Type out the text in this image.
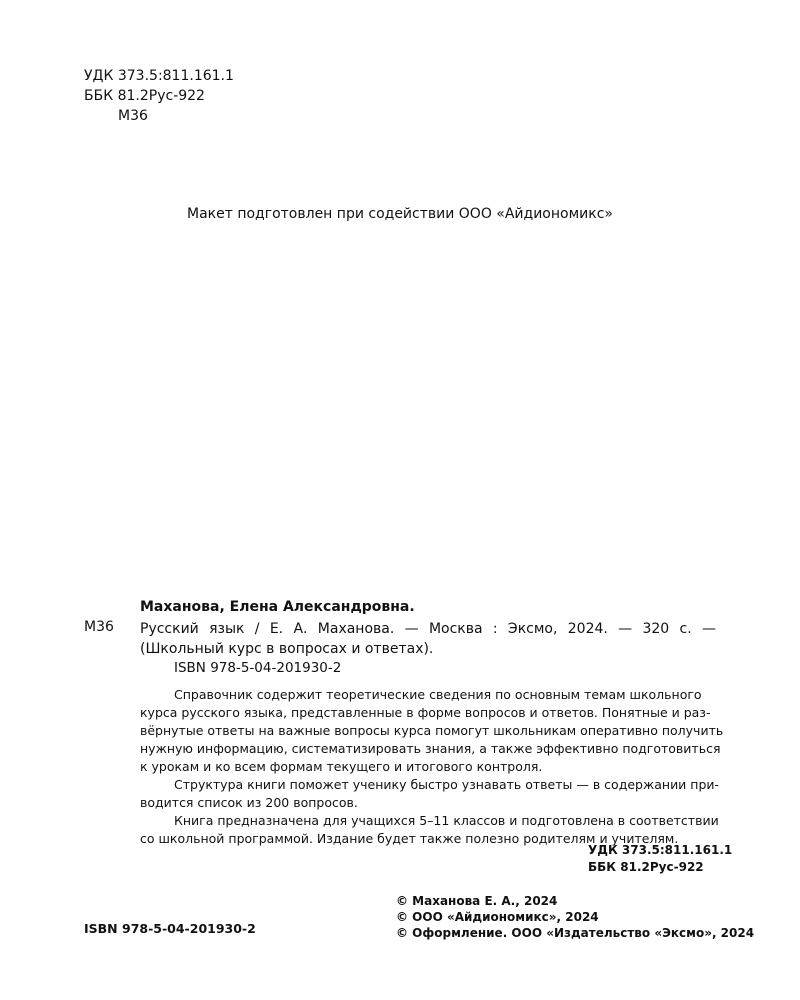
УДК 373.5:811.161.1
ББК 81.2Рус-922
М36
Макет подготовлен при содействии ООО «Айдиономикс»
Маханова, Елена Александровна.
М36 Русский язык / Е. А. Маханова. — Москва : Эксмо, 2024. — 320 с. —
(Школьный курс в вопросах и ответах).
ISBN 978-5-04-201930-2
Справочник содержит теоретические сведения по основным темам школьного
курса русского языка, представленные в форме вопросов и ответов. Понятные и раз-
вёрнутые ответы на важные вопросы курса помогут школьникам оперативно получить
нужную информацию, систематизировать знания, а также эффективно подготовиться
к урокам и ко всем формам текущего и итогового контроля.
Структура книги поможет ученику быстро узнавать ответы — в содержании при-
водится список из 200 вопросов.
Книга предназначена для учащихся 5–11 классов и подготовлена в соответствии
со школьной программой. Издание будет также полезно родителям и учителям.
УДК 373.5:811.161.1
ББК 81.2Рус-922
© Маханова Е. А., 2024
© ООО «Айдиономикс», 2024
© Оформление. ООО «Издательство «Эксмо», 2024
ISBN 978-5-04-201930-2
